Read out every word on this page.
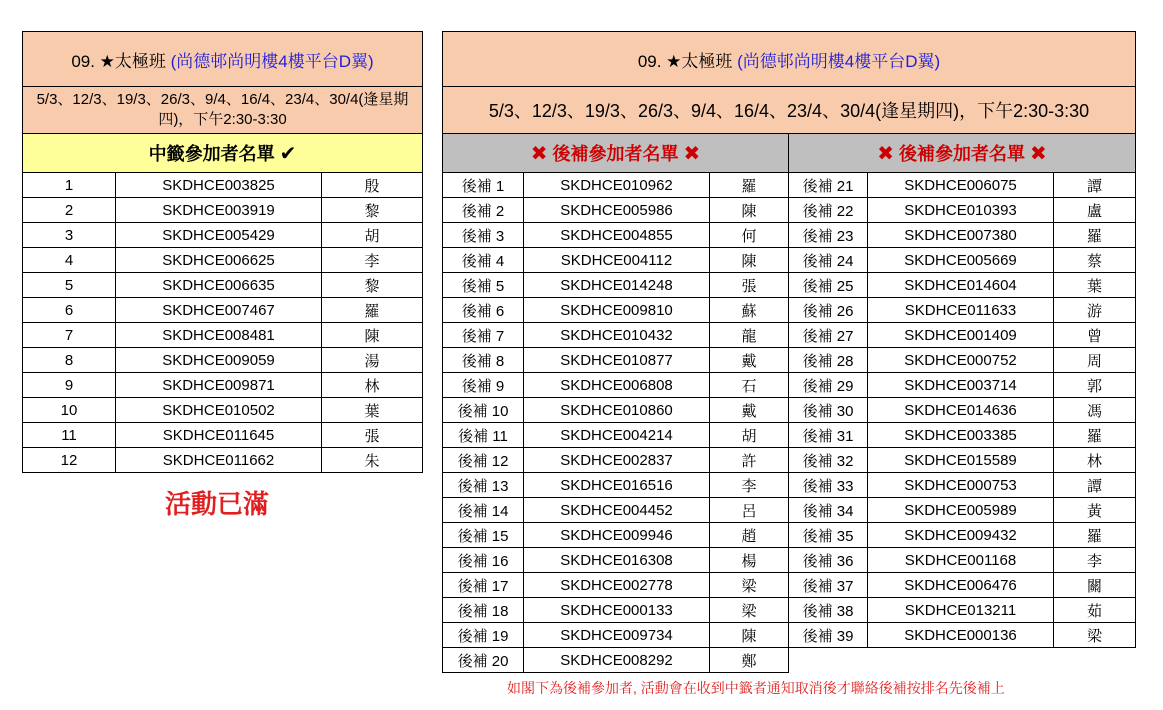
09. ★太極班 (尚德邨尚明樓4樓平台D翼)		
5/3、12/3、19/3、26/3、9/4、16/4、23/4、30/4(逢星期四)，下午2:30-3:30		
中籤參加者名單 ✔		
1	SKDHCE003825	殷
2	SKDHCE003919	黎
3	SKDHCE005429	胡
4	SKDHCE006625	李
5	SKDHCE006635	黎
6	SKDHCE007467	羅
7	SKDHCE008481	陳
8	SKDHCE009059	湯
9	SKDHCE009871	林
10	SKDHCE010502	葉
11	SKDHCE011645	張
12	SKDHCE011662	朱
活動已滿
09. ★太極班 (尚德邨尚明樓4樓平台D翼)					
5/3、12/3、19/3、26/3、9/4、16/4、23/4、30/4(逢星期四)，下午2:30-3:30					
✖ 後補參加者名單 ✖			✖ 後補參加者名單 ✖		
後補 1	SKDHCE010962	羅	後補 21	SKDHCE006075	譚
後補 2	SKDHCE005986	陳	後補 22	SKDHCE010393	盧
後補 3	SKDHCE004855	何	後補 23	SKDHCE007380	羅
後補 4	SKDHCE004112	陳	後補 24	SKDHCE005669	蔡
後補 5	SKDHCE014248	張	後補 25	SKDHCE014604	葉
後補 6	SKDHCE009810	蘇	後補 26	SKDHCE011633	游
後補 7	SKDHCE010432	龍	後補 27	SKDHCE001409	曾
後補 8	SKDHCE010877	戴	後補 28	SKDHCE000752	周
後補 9	SKDHCE006808	石	後補 29	SKDHCE003714	郭
後補 10	SKDHCE010860	戴	後補 30	SKDHCE014636	馮
後補 11	SKDHCE004214	胡	後補 31	SKDHCE003385	羅
後補 12	SKDHCE002837	許	後補 32	SKDHCE015589	林
後補 13	SKDHCE016516	李	後補 33	SKDHCE000753	譚
後補 14	SKDHCE004452	呂	後補 34	SKDHCE005989	黃
後補 15	SKDHCE009946	趙	後補 35	SKDHCE009432	羅
後補 16	SKDHCE016308	楊	後補 36	SKDHCE001168	李
後補 17	SKDHCE002778	梁	後補 37	SKDHCE006476	關
後補 18	SKDHCE000133	梁	後補 38	SKDHCE013211	茹
後補 19	SKDHCE009734	陳	後補 39	SKDHCE000136	梁
後補 20	SKDHCE008292	鄭			
如閣下為後補參加者, 活動會在收到中籤者通知取消後才聯絡後補按排名先後補上
